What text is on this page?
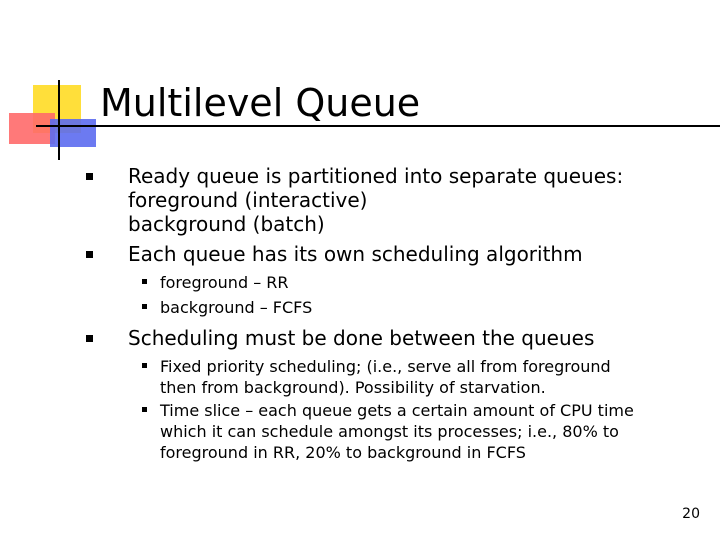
Multilevel Queue
Ready queue is partitioned into separate queues:
foreground (interactive)
background (batch)
Each queue has its own scheduling algorithm
foreground – RR
background – FCFS
Scheduling must be done between the queues
Fixed priority scheduling; (i.e., serve all from foreground
then from background). Possibility of starvation.
Time slice – each queue gets a certain amount of CPU time
which it can schedule amongst its processes; i.e., 80% to
foreground in RR, 20% to background in FCFS
20
